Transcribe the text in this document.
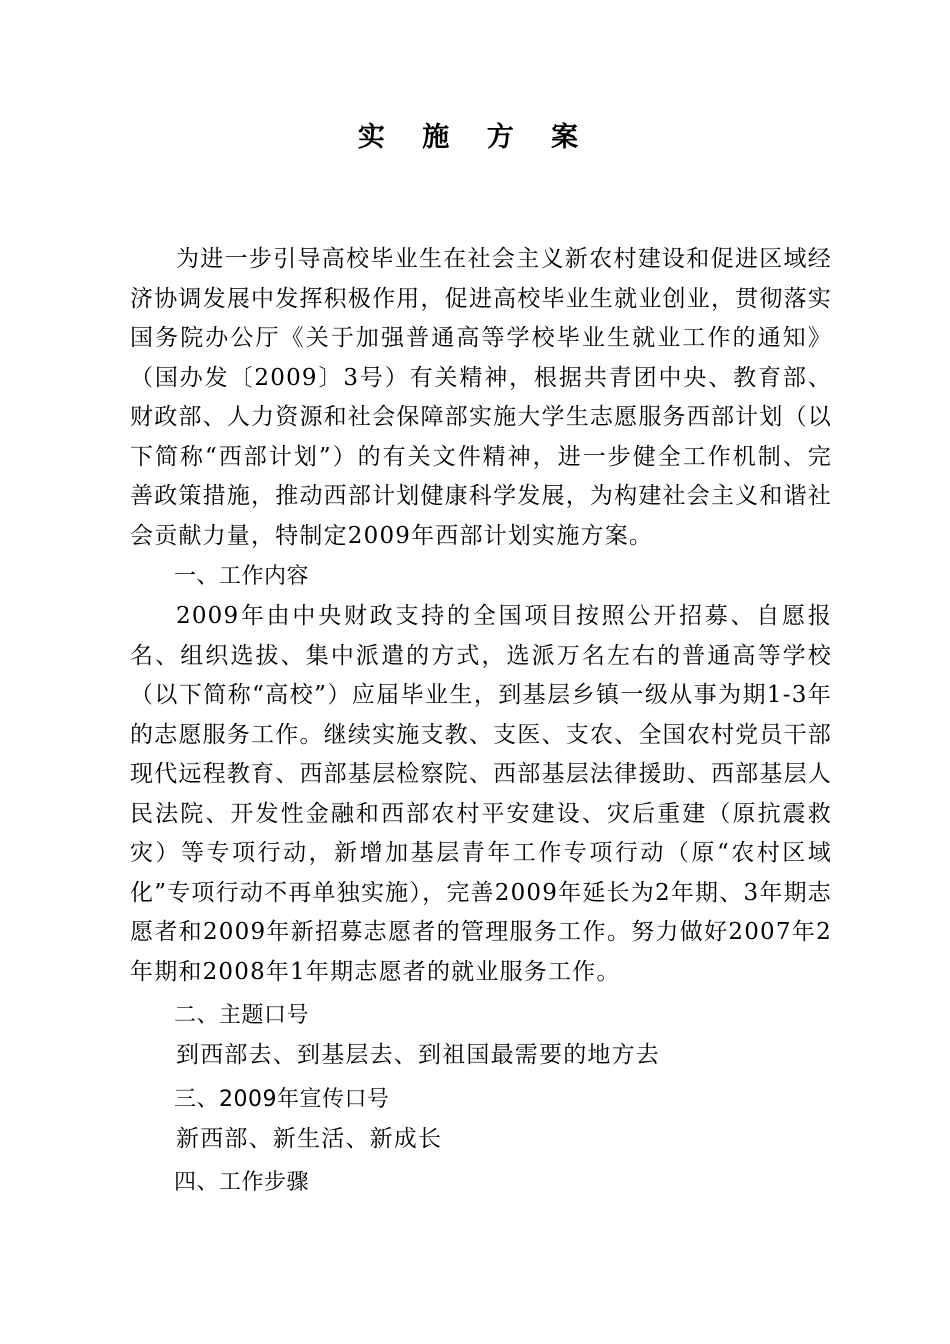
实 施 方 案

为进一步引导高校毕业生在社会主义新农村建设和促进区域经济协调发展中发挥积极作用，促进高校毕业生就业创业，贯彻落实国务院办公厅《关于加强普通高等学校毕业生就业工作的通知》（国办发〔2009〕3号）有关精神，根据共青团中央、教育部、财政部、人力资源和社会保障部实施大学生志愿服务西部计划（以下简称“西部计划”）的有关文件精神，进一步健全工作机制、完善政策措施，推动西部计划健康科学发展，为构建社会主义和谐社会贡献力量，特制定2009年西部计划实施方案。

一、工作内容

2009年由中央财政支持的全国项目按照公开招募、自愿报名、组织选拔、集中派遣的方式，选派万名左右的普通高等学校（以下简称“高校”）应届毕业生，到基层乡镇一级从事为期1-3年的志愿服务工作。继续实施支教、支医、支农、全国农村党员干部现代远程教育、西部基层检察院、西部基层法律援助、西部基层人民法院、开发性金融和西部农村平安建设、灾后重建（原抗震救灾）等专项行动，新增加基层青年工作专项行动（原“农村区域化”专项行动不再单独实施），完善2009年延长为2年期、3年期志愿者和2009年新招募志愿者的管理服务工作。努力做好2007年2年期和2008年1年期志愿者的就业服务工作。

二、主题口号

到西部去、到基层去、到祖国最需要的地方去

三、2009年宣传口号

新西部、新生活、新成长

四、工作步骤
